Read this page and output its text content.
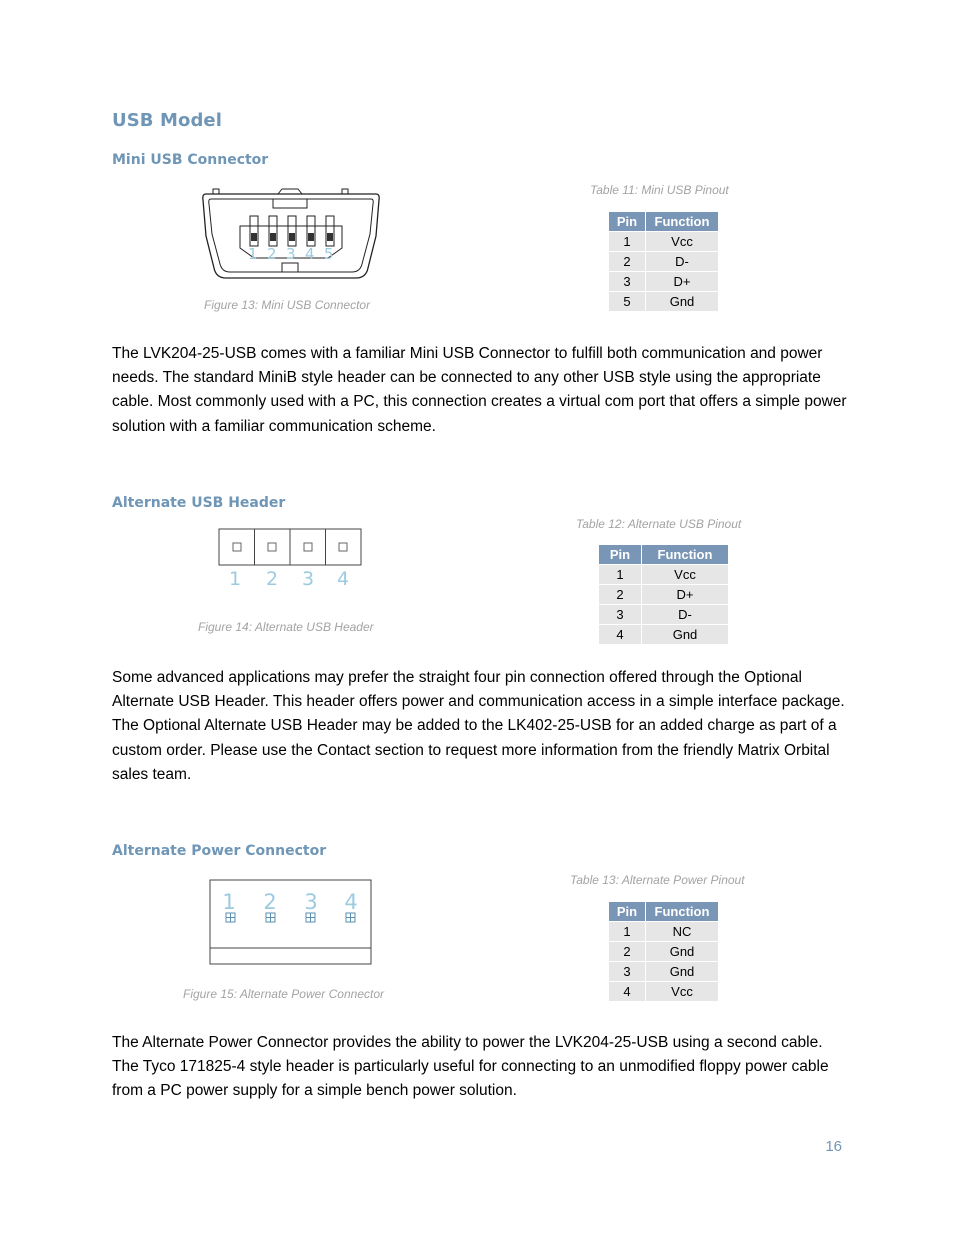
USB Model
Mini USB Connector
1 2 3 4 5
Figure 13: Mini USB Connector
Table 11: Mini USB Pinout
Pin	Function
1	Vcc
2	D-
3	D+
5	Gnd

The LVK204-25-USB comes with a familiar Mini USB Connector to fulfill both communication and power needs. The standard MiniB style header can be connected to any other USB style using the appropriate cable. Most commonly used with a PC, this connection creates a virtual com port that offers a simple power solution with a familiar communication scheme.

Alternate USB Header
1 2 3 4
Figure 14: Alternate USB Header
Table 12: Alternate USB Pinout
Pin	Function
1	Vcc
2	D+
3	D-
4	Gnd

Some advanced applications may prefer the straight four pin connection offered through the Optional Alternate USB Header. This header offers power and communication access in a simple interface package. The Optional Alternate USB Header may be added to the LK402-25-USB for an added charge as part of a custom order. Please use the Contact section to request more information from the friendly Matrix Orbital sales team.

Alternate Power Connector
1 2 3 4
Figure 15: Alternate Power Connector
Table 13: Alternate Power Pinout
Pin	Function
1	NC
2	Gnd
3	Gnd
4	Vcc

The Alternate Power Connector provides the ability to power the LVK204-25-USB using a second cable. The Tyco 171825-4 style header is particularly useful for connecting to an unmodified floppy power cable from a PC power supply for a simple bench power solution.

16
